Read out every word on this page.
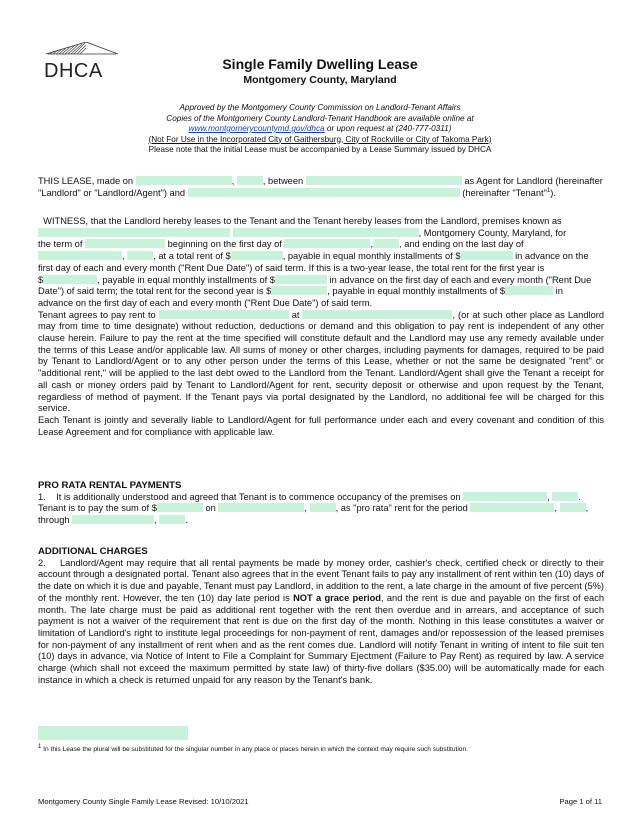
DHCA	Single Family Dwelling Lease
Montgomery County, Maryland
Approved by the Montgomery County Commission on Landlord-Tenant Affairs
Copies of the Montgomery County Landlord-Tenant Handbook are available online at
www.montgomerycountymd.gov/dhca or upon request at (240-777-0311)
(Not For Use in the Incorporated City of Gaithersburg, City of Rockville or City of Takoma Park)
Please note that the initial Lease must be accompanied by a Lease Summary issued by DHCA
THIS LEASE, made on	,	, between	as Agent for Landlord (hereinafter
"Landlord" or "Landlord/Agent") and	(hereinafter "Tenant"$^1$).
WITNESS, that the Landlord hereby leases to the Tenant and the Tenant hereby leases from the Landlord, premises known as
, Montgomery County, Maryland, for
the term of	beginning on the first day of	,	, and ending on the last day of
,	, at a total rent of $	, payable in equal monthly installments of $	in advance on the
first day of each and every month ("Rent Due Date") of said term. If this is a two-year lease, the total rent for the first year is
$	, payable in equal monthly installments of $	in advance on the first day of each and every month ("Rent Due
Date") of said term; the total rent for the second year is $	, payable in equal monthly installments of $	in
advance on the first day of each and every month ("Rent Due Date") of said term.
Tenant agrees to pay rent to	at	, (or at such other place as Landlord may from time to time designate) without reduction, deductions or demand and this obligation to pay rent is independent of any other clause herein. Failure to pay the rent at the time specified will constitute default and the Landlord may use any remedy available under the terms of this Lease and/or applicable law. All sums of money or other charges, including payments for damages, required to be paid by Tenant to Landlord/Agent or to any other person under the terms of this Lease, whether or not the same be designated "rent" or "additional rent," will be applied to the last debt owed to the Landlord from the Tenant. Landlord/Agent shall give the Tenant a receipt for all cash or money orders paid by Tenant to Landlord/Agent for rent, security deposit or otherwise and upon request by the Tenant, regardless of method of payment. If the Tenant pays via portal designated by the Landlord, no additional fee will be charged for this service.
Each Tenant is jointly and severally liable to Landlord/Agent for full performance under each and every covenant and condition of this Lease Agreement and for compliance with applicable law.
PRO RATA RENTAL PAYMENTS
1. It is additionally understood and agreed that Tenant is to commence occupancy of the premises on	,	.
Tenant is to pay the sum of $	on	,	, as "pro rata" rent for the period	,	,
through	,	.
ADDITIONAL CHARGES
2. Landlord/Agent may require that all rental payments be made by money order, cashier's check, certified check or directly to their account through a designated portal. Tenant also agrees that in the event Tenant fails to pay any installment of rent within ten (10) days of the date on which it is due and payable, Tenant must pay Landlord, in addition to the rent, a late charge in the amount of five percent (5%) of the monthly rent. However, the ten (10) day late period is NOT a grace period, and the rent is due and payable on the first of each month. The late charge must be paid as additional rent together with the rent then overdue and in arrears, and acceptance of such payment is not a waiver of the requirement that rent is due on the first day of the month. Nothing in this lease constitutes a waiver or limitation of Landlord's right to institute legal proceedings for non-payment of rent, damages and/or repossession of the leased premises for non-payment of any installment of rent when and as the rent comes due. Landlord will notify Tenant in writing of intent to file suit ten (10) days in advance, via Notice of Intent to File a Complaint for Summary Ejectment (Failure to Pay Rent) as required by law. A service charge (which shall not exceed the maximum permitted by state law) of thirty-five dollars ($35.00) will be automatically made for each instance in which a check is returned unpaid for any reason by the Tenant's bank.
$^1$ In this Lease the plural will be substituted for the singular number in any place or places herein in which the context may require such substitution.
Montgomery County Single Family Lease Revised: 10/10/2021	Page 1 of 11
